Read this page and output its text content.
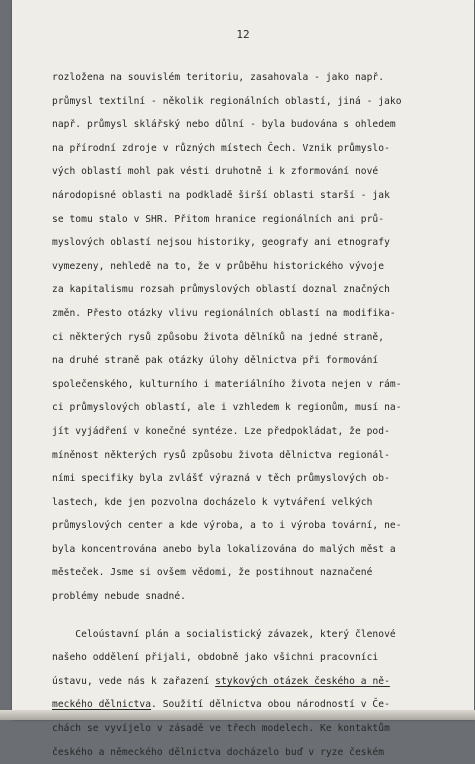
12
rozložena na souvislém teritoriu, zasahovala - jako např.
průmysl textilní - několik regionálních oblastí, jiná - jako
např. průmysl sklářský nebo důlní - byla budována s ohledem
na přírodní zdroje v různých místech Čech. Vznik průmyslo-
vých oblastí mohl pak vésti druhotně i k zformování nové
národopisné oblasti na podkladě širší oblasti starší - jak
se tomu stalo v SHR. Přitom hranice regionálních ani prů-
myslových oblastí nejsou historiky, geografy ani etnografy
vymezeny, nehledě na to, že v průběhu historického vývoje
za kapitalismu rozsah průmyslových oblastí doznal značných
změn. Přesto otázky vlivu regionálních oblastí na modifika-
ci některých rysů způsobu života dělníků na jedné straně,
na druhé straně pak otázky úlohy dělnictva při formování
společenského, kulturního i materiálního života nejen v rám-
ci průmyslových oblastí, ale i vzhledem k regionům, musí na-
jít vyjádření v konečné syntéze. Lze předpokládat, že pod-
míněnost některých rysů způsobu života dělnictva regionál-
ními specifiky byla zvlášť výrazná v těch průmyslových ob-
lastech, kde jen pozvolna docházelo k vytváření velkých
průmyslových center a kde výroba, a to i výroba tovární, ne-
byla koncentrována anebo byla lokalizována do malých měst a
městeček. Jsme si ovšem vědomi, že postihnout naznačené
problémy nebude snadné.
Celoústavní plán a socialistický závazek, který členové
našeho oddělení přijali, obdobně jako všichni pracovníci
ústavu, vede nás k zařazení stykových otázek českého a ně-
meckého dělnictva. Soužití dělnictva obou národností v Če-
chách se vyvíjelo v zásadě ve třech modelech. Ke kontaktům
českého a německého dělnictva docházelo buď v ryze českém
